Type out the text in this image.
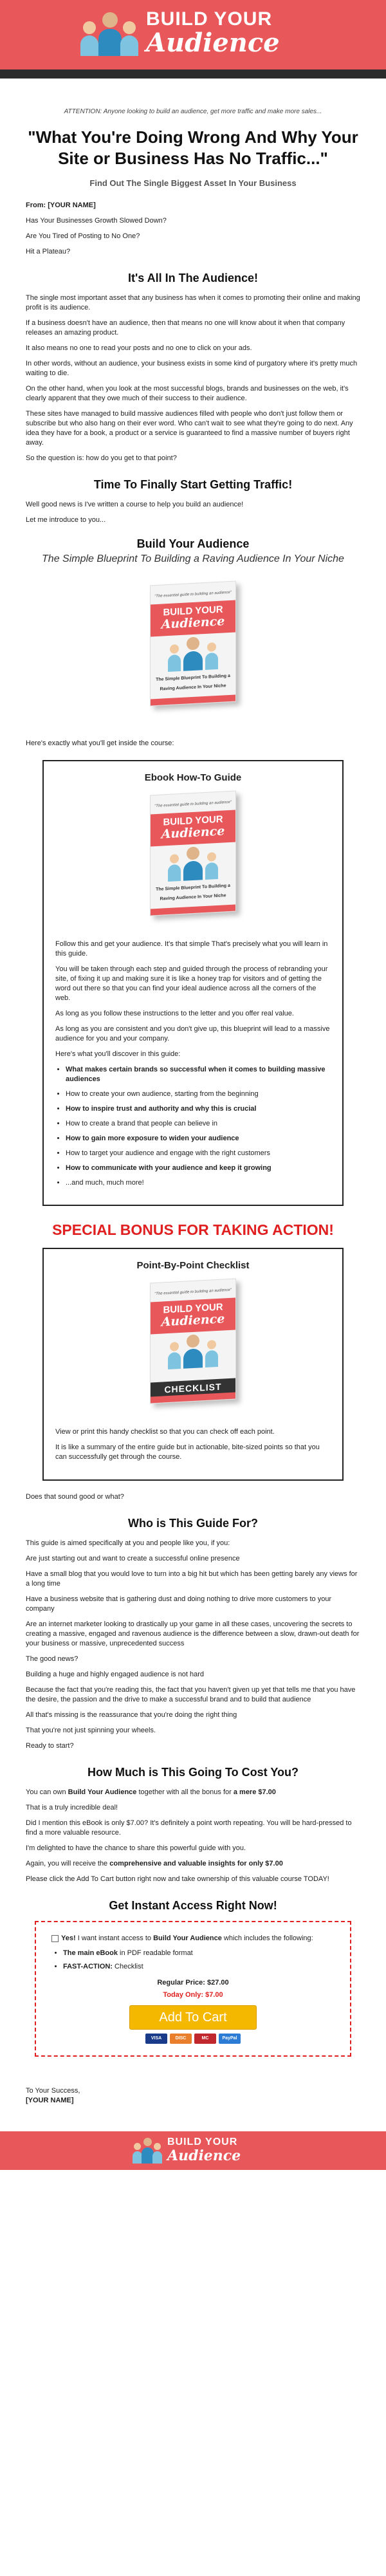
BUILD YOUR
Audience
ATTENTION: Anyone looking to build an audience, get more traffic and make more sales...
"What You're Doing Wrong And Why Your Site or Business Has No Traffic..."
Find Out The Single Biggest Asset In Your Business

From: [YOUR NAME]

Has Your Businesses Growth Slowed Down?

Are You Tired of Posting to No One?

Hit a Plateau?

It's All In The Audience!

The single most important asset that any business has when it comes to promoting their online and making profit is its audience.

If a business doesn't have an audience, then that means no one will know about it when that company releases an amazing product.

It also means no one to read your posts and no one to click on your ads.

In other words, without an audience, your business exists in some kind of purgatory where it's pretty much waiting to die.

On the other hand, when you look at the most successful blogs, brands and businesses on the web, it's clearly apparent that they owe much of their success to their audience.

These sites have managed to build massive audiences filled with people who don't just follow them or subscribe but who also hang on their ever word. Who can't wait to see what they're going to do next. Any idea they have for a book, a product or a service is guaranteed to find a massive number of buyers right away.

So the question is: how do you get to that point?

Time To Finally Start Getting Traffic!

Well good news is I've written a course to help you build an audience!

Let me introduce to you...

Build Your Audience
The Simple Blueprint To Building a Raving Audience In Your Niche
"The essential guide to building an audience"
BUILD YOUR
Audience
The Simple Blueprint To Building a Raving Audience In Your Niche

Here's exactly what you'll get inside the course:

Ebook How-To Guide
"The essential guide to building an audience"
BUILD YOUR
Audience
The Simple Blueprint To Building a Raving Audience In Your Niche

Follow this and get your audience. It's that simple That's precisely what you will learn in this guide.

You will be taken through each step and guided through the process of rebranding your site, of fixing it up and making sure it is like a honey trap for visitors and of getting the word out there so that you can find your ideal audience across all the corners of the web.

As long as you follow these instructions to the letter and you offer real value.

As long as you are consistent and you don't give up, this blueprint will lead to a massive audience for you and your company.

Here's what you'll discover in this guide:

• What makes certain brands so successful when it comes to building massive audiences
• How to create your own audience, starting from the beginning
• How to inspire trust and authority and why this is crucial
• How to create a brand that people can believe in
• How to gain more exposure to widen your audience
• How to target your audience and engage with the right customers
• How to communicate with your audience and keep it growing
• ...and much, much more!
SPECIAL BONUS FOR TAKING ACTION!
Point-By-Point Checklist
"The essential guide to building an audience"
BUILD YOUR
Audience
CHECKLIST

View or print this handy checklist so that you can check off each point.

It is like a summary of the entire guide but in actionable, bite-sized points so that you can successfully get through the course.

Does that sound good or what?

Who is This Guide For?

This guide is aimed specifically at you and people like you, if you:

Are just starting out and want to create a successful online presence

Have a small blog that you would love to turn into a big hit but which has been getting barely any views for a long time

Have a business website that is gathering dust and doing nothing to drive more customers to your company

Are an internet marketer looking to drastically up your game in all these cases, uncovering the secrets to creating a massive, engaged and ravenous audience is the difference between a slow, drawn-out death for your business or massive, unprecedented success

The good news?

Building a huge and highly engaged audience is not hard

Because the fact that you're reading this, the fact that you haven't given up yet that tells me that you have the desire, the passion and the drive to make a successful brand and to build that audience

All that's missing is the reassurance that you're doing the right thing

That you're not just spinning your wheels.

Ready to start?

How Much is This Going To Cost You?

You can own Build Your Audience together with all the bonus for a mere $7.00

That is a truly incredible deal!

Did I mention this eBook is only $7.00? It's definitely a point worth repeating. You will be hard-pressed to find a more valuable resource.

I'm delighted to have the chance to share this powerful guide with you.

Again, you will receive the comprehensive and valuable insights for only $7.00

Please click the Add To Cart button right now and take ownership of this valuable course TODAY!

Get Instant Access Right Now!

Yes! I want instant access to Build Your Audience which includes the following:

• The main eBook in PDF readable format
• FAST-ACTION: Checklist
Regular Price: $27.00
Today Only: $7.00
Add To Cart
VISA	DISC	MC	PayPal

To Your Success,

[YOUR NAME]

BUILD YOUR
Audience
